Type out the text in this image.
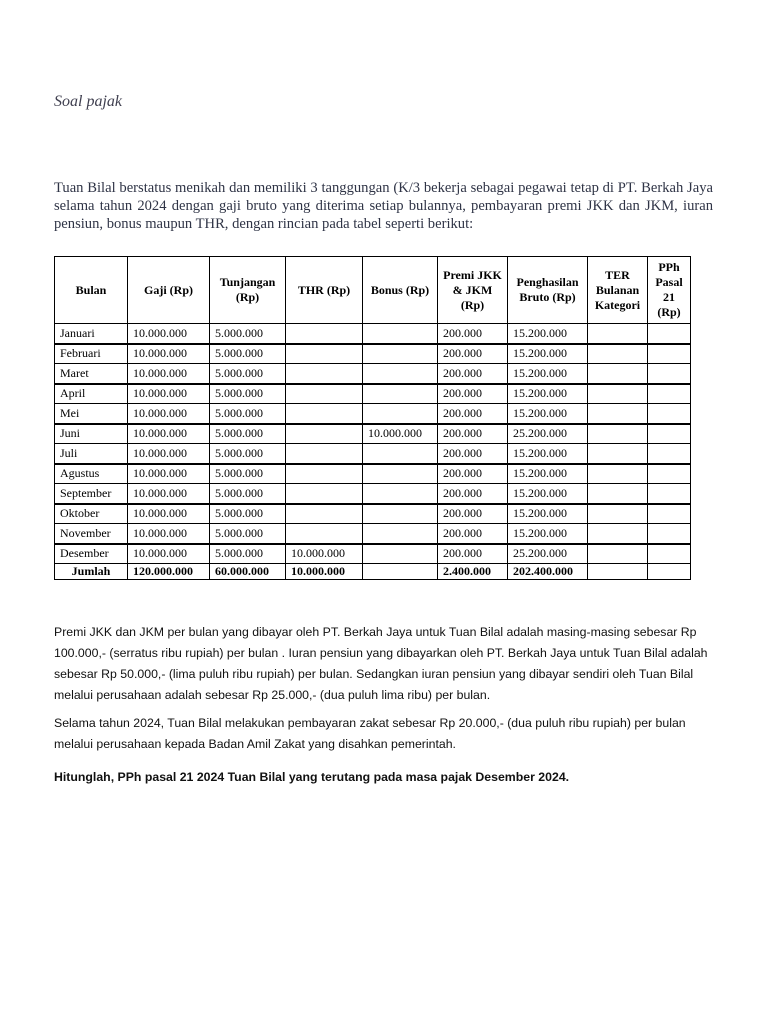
Soal pajak
Tuan Bilal berstatus menikah dan memiliki 3 tanggungan (K/3 bekerja sebagai pegawai tetap di PT. Berkah Jaya selama tahun 2024 dengan gaji bruto yang diterima setiap bulannya, pembayaran premi JKK dan JKM, iuran pensiun, bonus maupun THR, dengan rincian pada tabel seperti berikut:
Bulan	Gaji (Rp)	Tunjangan (Rp)	THR (Rp)	Bonus (Rp)	Premi JKK & JKM (Rp)	Penghasilan Bruto (Rp)	TER Bulanan Kategori	PPh Pasal 21 (Rp)
Januari	10.000.000	5.000.000			200.000	15.200.000		
Februari	10.000.000	5.000.000			200.000	15.200.000		
Maret	10.000.000	5.000.000			200.000	15.200.000		
April	10.000.000	5.000.000			200.000	15.200.000		
Mei	10.000.000	5.000.000			200.000	15.200.000		
Juni	10.000.000	5.000.000		10.000.000	200.000	25.200.000		
Juli	10.000.000	5.000.000			200.000	15.200.000		
Agustus	10.000.000	5.000.000			200.000	15.200.000		
September	10.000.000	5.000.000			200.000	15.200.000		
Oktober	10.000.000	5.000.000			200.000	15.200.000		
November	10.000.000	5.000.000			200.000	15.200.000		
Desember	10.000.000	5.000.000	10.000.000		200.000	25.200.000		
Jumlah	120.000.000	60.000.000	10.000.000		2.400.000	202.400.000		
Premi JKK dan JKM per bulan yang dibayar oleh PT. Berkah Jaya untuk Tuan Bilal adalah masing-masing sebesar Rp 100.000,- (serratus ribu rupiah) per bulan . Iuran pensiun yang dibayarkan oleh PT. Berkah Jaya untuk Tuan Bilal adalah sebesar Rp 50.000,- (lima puluh ribu rupiah) per bulan. Sedangkan iuran pensiun yang dibayar sendiri oleh Tuan Bilal melalui perusahaan adalah sebesar Rp 25.000,- (dua puluh lima ribu) per bulan.
Selama tahun 2024, Tuan Bilal melakukan pembayaran zakat sebesar Rp 20.000,- (dua puluh ribu rupiah) per bulan melalui perusahaan kepada Badan Amil Zakat yang disahkan pemerintah.
Hitunglah, PPh pasal 21 2024 Tuan Bilal yang terutang pada masa pajak Desember 2024.
